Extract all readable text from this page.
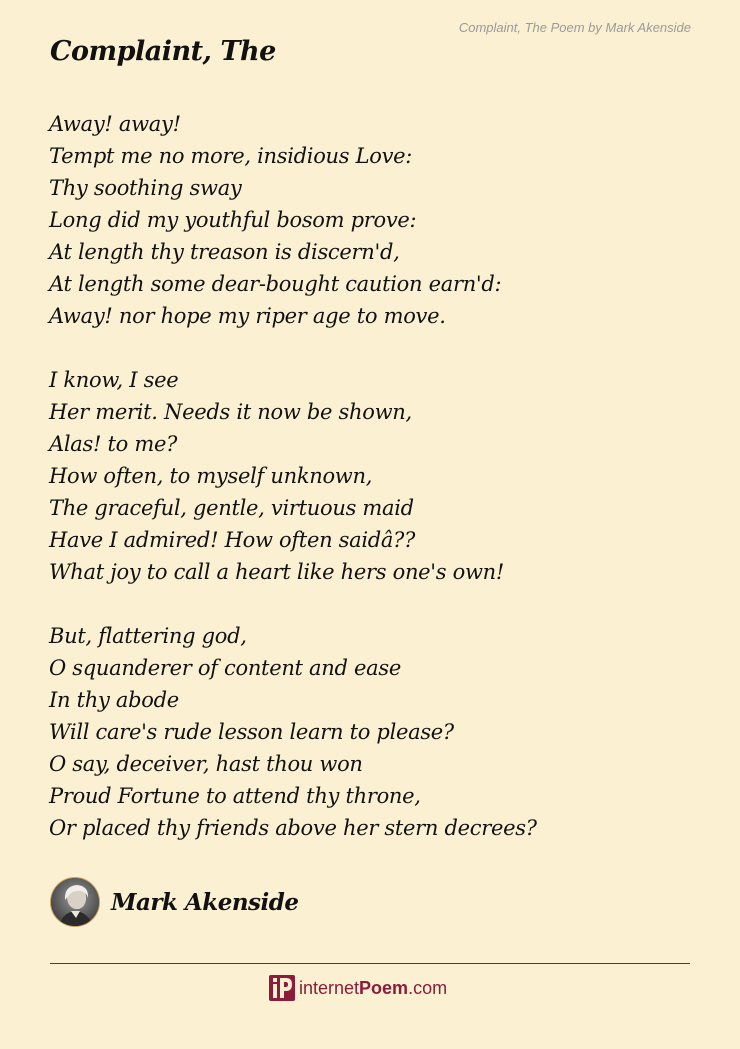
Complaint, The Poem by Mark Akenside
Complaint, The
Away! away!
Tempt me no more, insidious Love:
Thy soothing sway
Long did my youthful bosom prove:
At length thy treason is discern'd,
At length some dear-bought caution earn'd:
Away! nor hope my riper age to move.
I know, I see
Her merit. Needs it now be shown,
Alas! to me?
How often, to myself unknown,
The graceful, gentle, virtuous maid
Have I admired! How often saidâ??
What joy to call a heart like hers one's own!
But, flattering god,
O squanderer of content and ease
In thy abode
Will care's rude lesson learn to please?
O say, deceiver, hast thou won
Proud Fortune to attend thy throne,
Or placed thy friends above her stern decrees?
Mark Akenside
internet Poem .com
